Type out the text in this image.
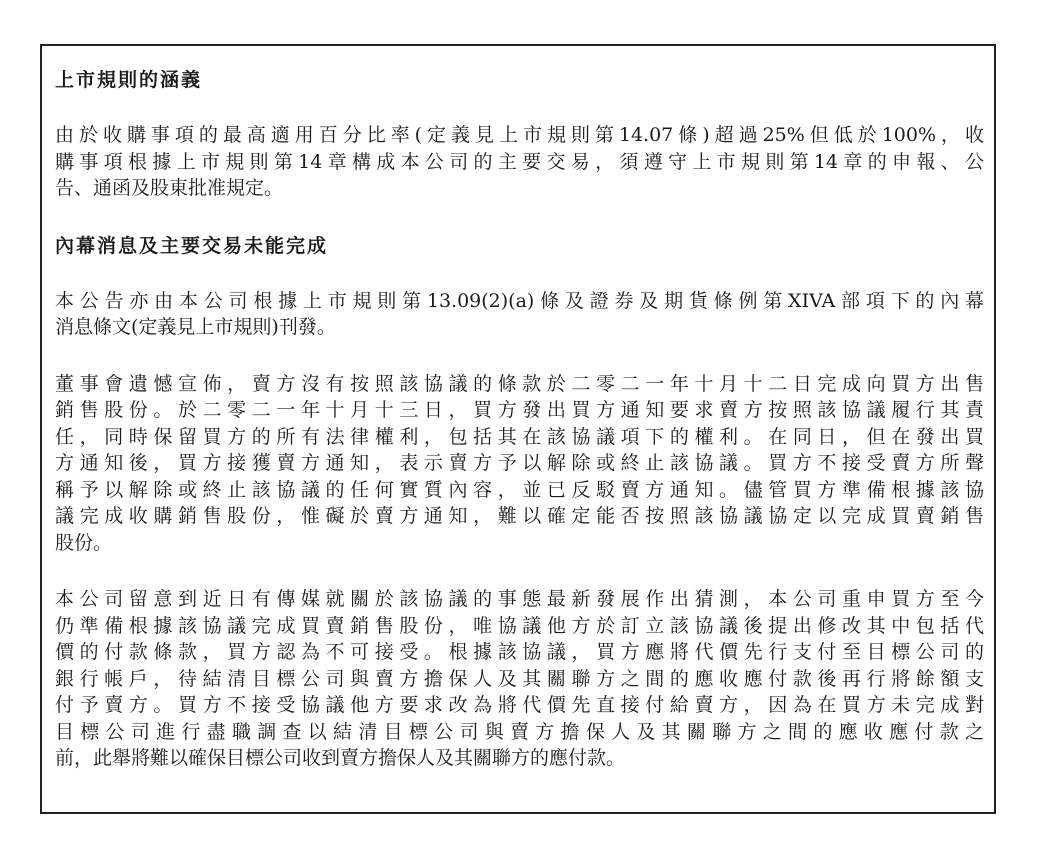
上市規則的涵義
由於收購事項的最高適用百分比率(定義見上市規則第14.07條)超過25%但低於100%，收
購事項根據上市規則第14章構成本公司的主要交易，須遵守上市規則第14章的申報、公
告、通函及股東批准規定。
內幕消息及主要交易未能完成
本公告亦由本公司根據上市規則第13.09(2)(a)條及證券及期貨條例第XIVA部項下的內幕
消息條文(定義見上市規則)刊發。
董事會遺憾宣佈，賣方沒有按照該協議的條款於二零二一年十月十二日完成向買方出售
銷售股份。於二零二一年十月十三日，買方發出買方通知要求賣方按照該協議履行其責
任，同時保留買方的所有法律權利，包括其在該協議項下的權利。在同日，但在發出買
方通知後，買方接獲賣方通知，表示賣方予以解除或終止該協議。買方不接受賣方所聲
稱予以解除或終止該協議的任何實質內容，並已反駁賣方通知。儘管買方準備根據該協
議完成收購銷售股份，惟礙於賣方通知，難以確定能否按照該協議協定以完成買賣銷售
股份。
本公司留意到近日有傳媒就關於該協議的事態最新發展作出猜測，本公司重申買方至今
仍準備根據該協議完成買賣銷售股份，唯協議他方於訂立該協議後提出修改其中包括代
價的付款條款，買方認為不可接受。根據該協議，買方應將代價先行支付至目標公司的
銀行帳戶，待結清目標公司與賣方擔保人及其關聯方之間的應收應付款後再行將餘額支
付予賣方。買方不接受協議他方要求改為將代價先直接付給賣方，因為在買方未完成對
目標公司進行盡職調查以結清目標公司與賣方擔保人及其關聯方之間的應收應付款之
前，此舉將難以確保目標公司收到賣方擔保人及其關聯方的應付款。
